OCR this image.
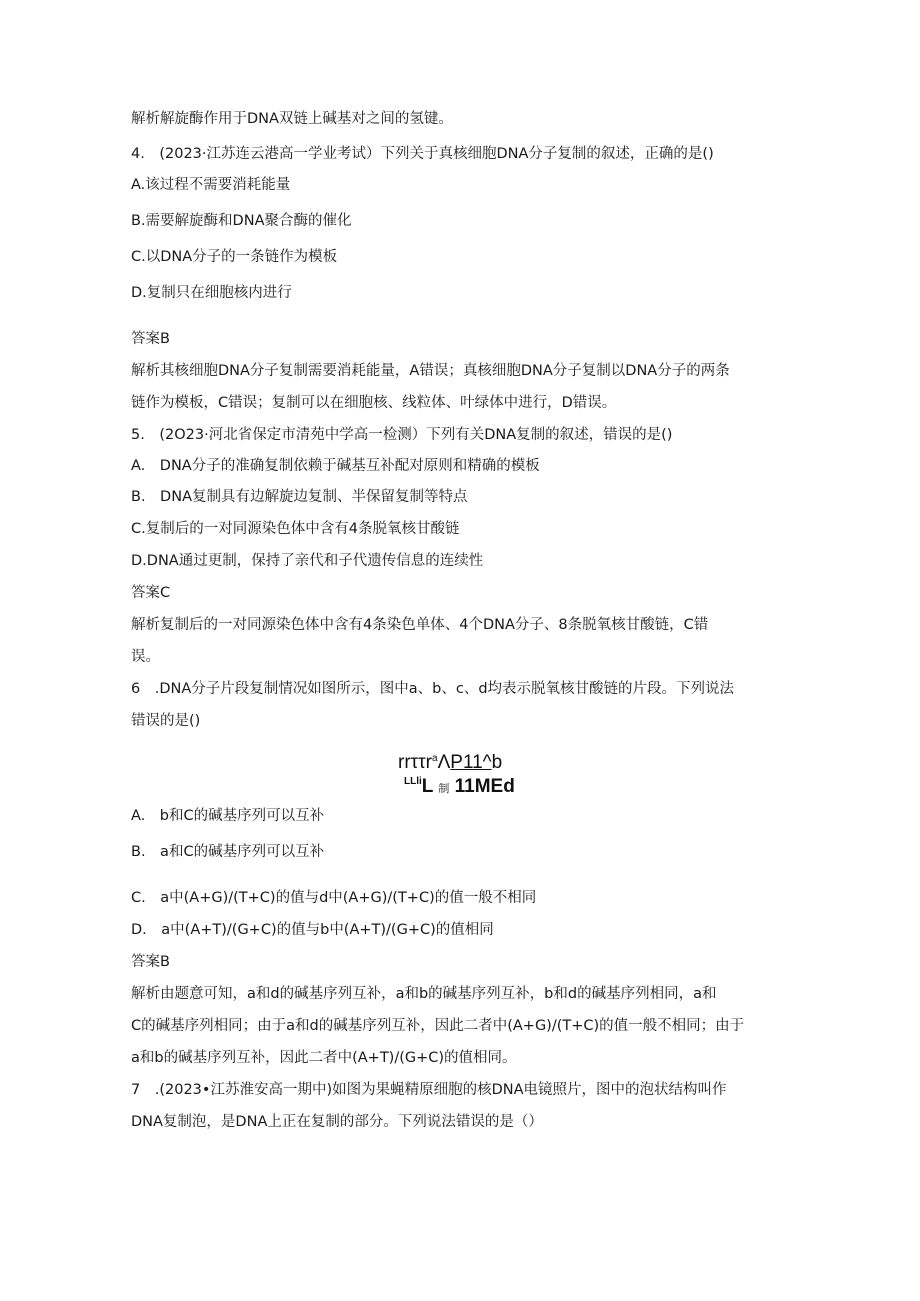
解析解旋酶作用于DNA双链上碱基对之间的氢键。
4.　(2023·江苏连云港高一学业考试）下列关于真核细胞DNA分子复制的叙述，正确的是()
A.该过程不需要消耗能量
B.需要解旋酶和DNA聚合酶的催化
C.以DNA分子的一条链作为模板
D.复制只在细胞核内进行
答案B
解析其核细胞DNA分子复制需要消耗能量，A错误；真核细胞DNA分子复制以DNA分子的两条
链作为模板，C错误；复制可以在细胞核、线粒体、叶绿体中进行，D错误。
5.　(2O23·河北省保定市清苑中学高一检测）下列有关DNA复制的叙述，错误的是()
A.　DNA分子的准确复制依赖于碱基互补配对原则和精确的模板
B.　DNA复制具有边解旋边复制、半保留复制等特点
C.复制后的一对同源染色体中含有4条脱氧核甘酸链
D.DNA通过更制，保持了亲代和子代遗传信息的连续性
答案C
解析复制后的一对同源染色体中含有4条染色单体、4个DNA分子、8条脱氧核甘酸链，C错
误。
6　.DNA分子片段复制情况如图所示，图中a、b、c、d均表示脱氧核甘酸链的片段。下列说法
错误的是()
rrττr$^a$ΛP11^b
$^{LLli}$L 制 11MEd
A.　b和C的碱基序列可以互补
B.　a和C的碱基序列可以互补
C.　a中(A+G)∕(T+C)的值与d中(A+G)∕(T+C)的值一般不相同
D.　a中(A+T)∕(G+C)的值与b中(A+T)∕(G+C)的值相同
答案B
解析由题意可知，a和d的碱基序列互补，a和b的碱基序列互补，b和d的碱基序列相同，a和
C的碱基序列相同；由于a和d的碱基序列互补，因此二者中(A+G)∕(T+C)的值一般不相同；由于
a和b的碱基序列互补，因此二者中(A+T)∕(G+C)的值相同。
7　.(2023•江苏淮安高一期中)如图为果蝇精原细胞的核DNA电镜照片，图中的泡状结构叫作
DNA复制泡，是DNA上正在复制的部分。下列说法错误的是（）
